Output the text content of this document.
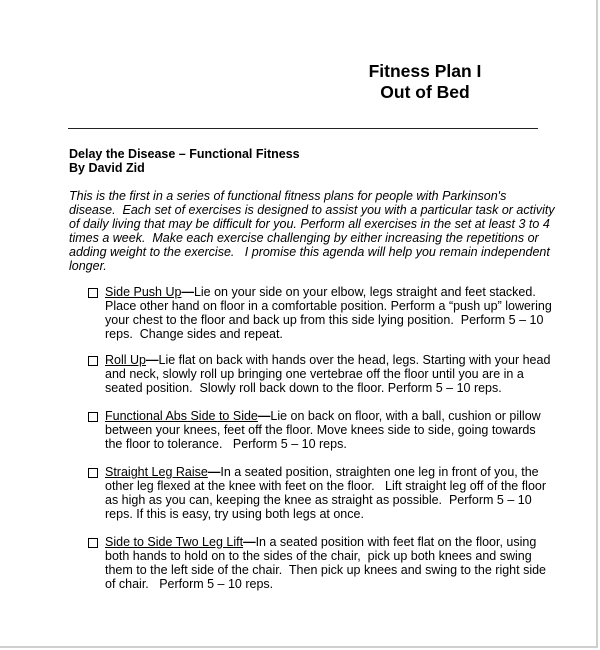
Fitness Plan I
Out of Bed
Delay the Disease – Functional Fitness
By David Zid
This is the first in a series of functional fitness plans for people with Parkinson's
disease.  Each set of exercises is designed to assist you with a particular task or activity
of daily living that may be difficult for you. Perform all exercises in the set at least 3 to 4
times a week.  Make each exercise challenging by either increasing the repetitions or
adding weight to the exercise.   I promise this agenda will help you remain independent
longer.
Side Push Up—Lie on your side on your elbow, legs straight and feet stacked.
Place other hand on floor in a comfortable position. Perform a “push up” lowering
your chest to the floor and back up from this side lying position.  Perform 5 – 10
reps.  Change sides and repeat.
Roll Up—Lie flat on back with hands over the head, legs. Starting with your head
and neck, slowly roll up bringing one vertebrae off the floor until you are in a
seated position.  Slowly roll back down to the floor. Perform 5 – 10 reps.
Functional Abs Side to Side—Lie on back on floor, with a ball, cushion or pillow
between your knees, feet off the floor. Move knees side to side, going towards
the floor to tolerance.   Perform 5 – 10 reps.
Straight Leg Raise—In a seated position, straighten one leg in front of you, the
other leg flexed at the knee with feet on the floor.   Lift straight leg off of the floor
as high as you can, keeping the knee as straight as possible.  Perform 5 – 10
reps. If this is easy, try using both legs at once.
Side to Side Two Leg Lift—In a seated position with feet flat on the floor, using
both hands to hold on to the sides of the chair,  pick up both knees and swing
them to the left side of the chair.  Then pick up knees and swing to the right side
of chair.   Perform 5 – 10 reps.
